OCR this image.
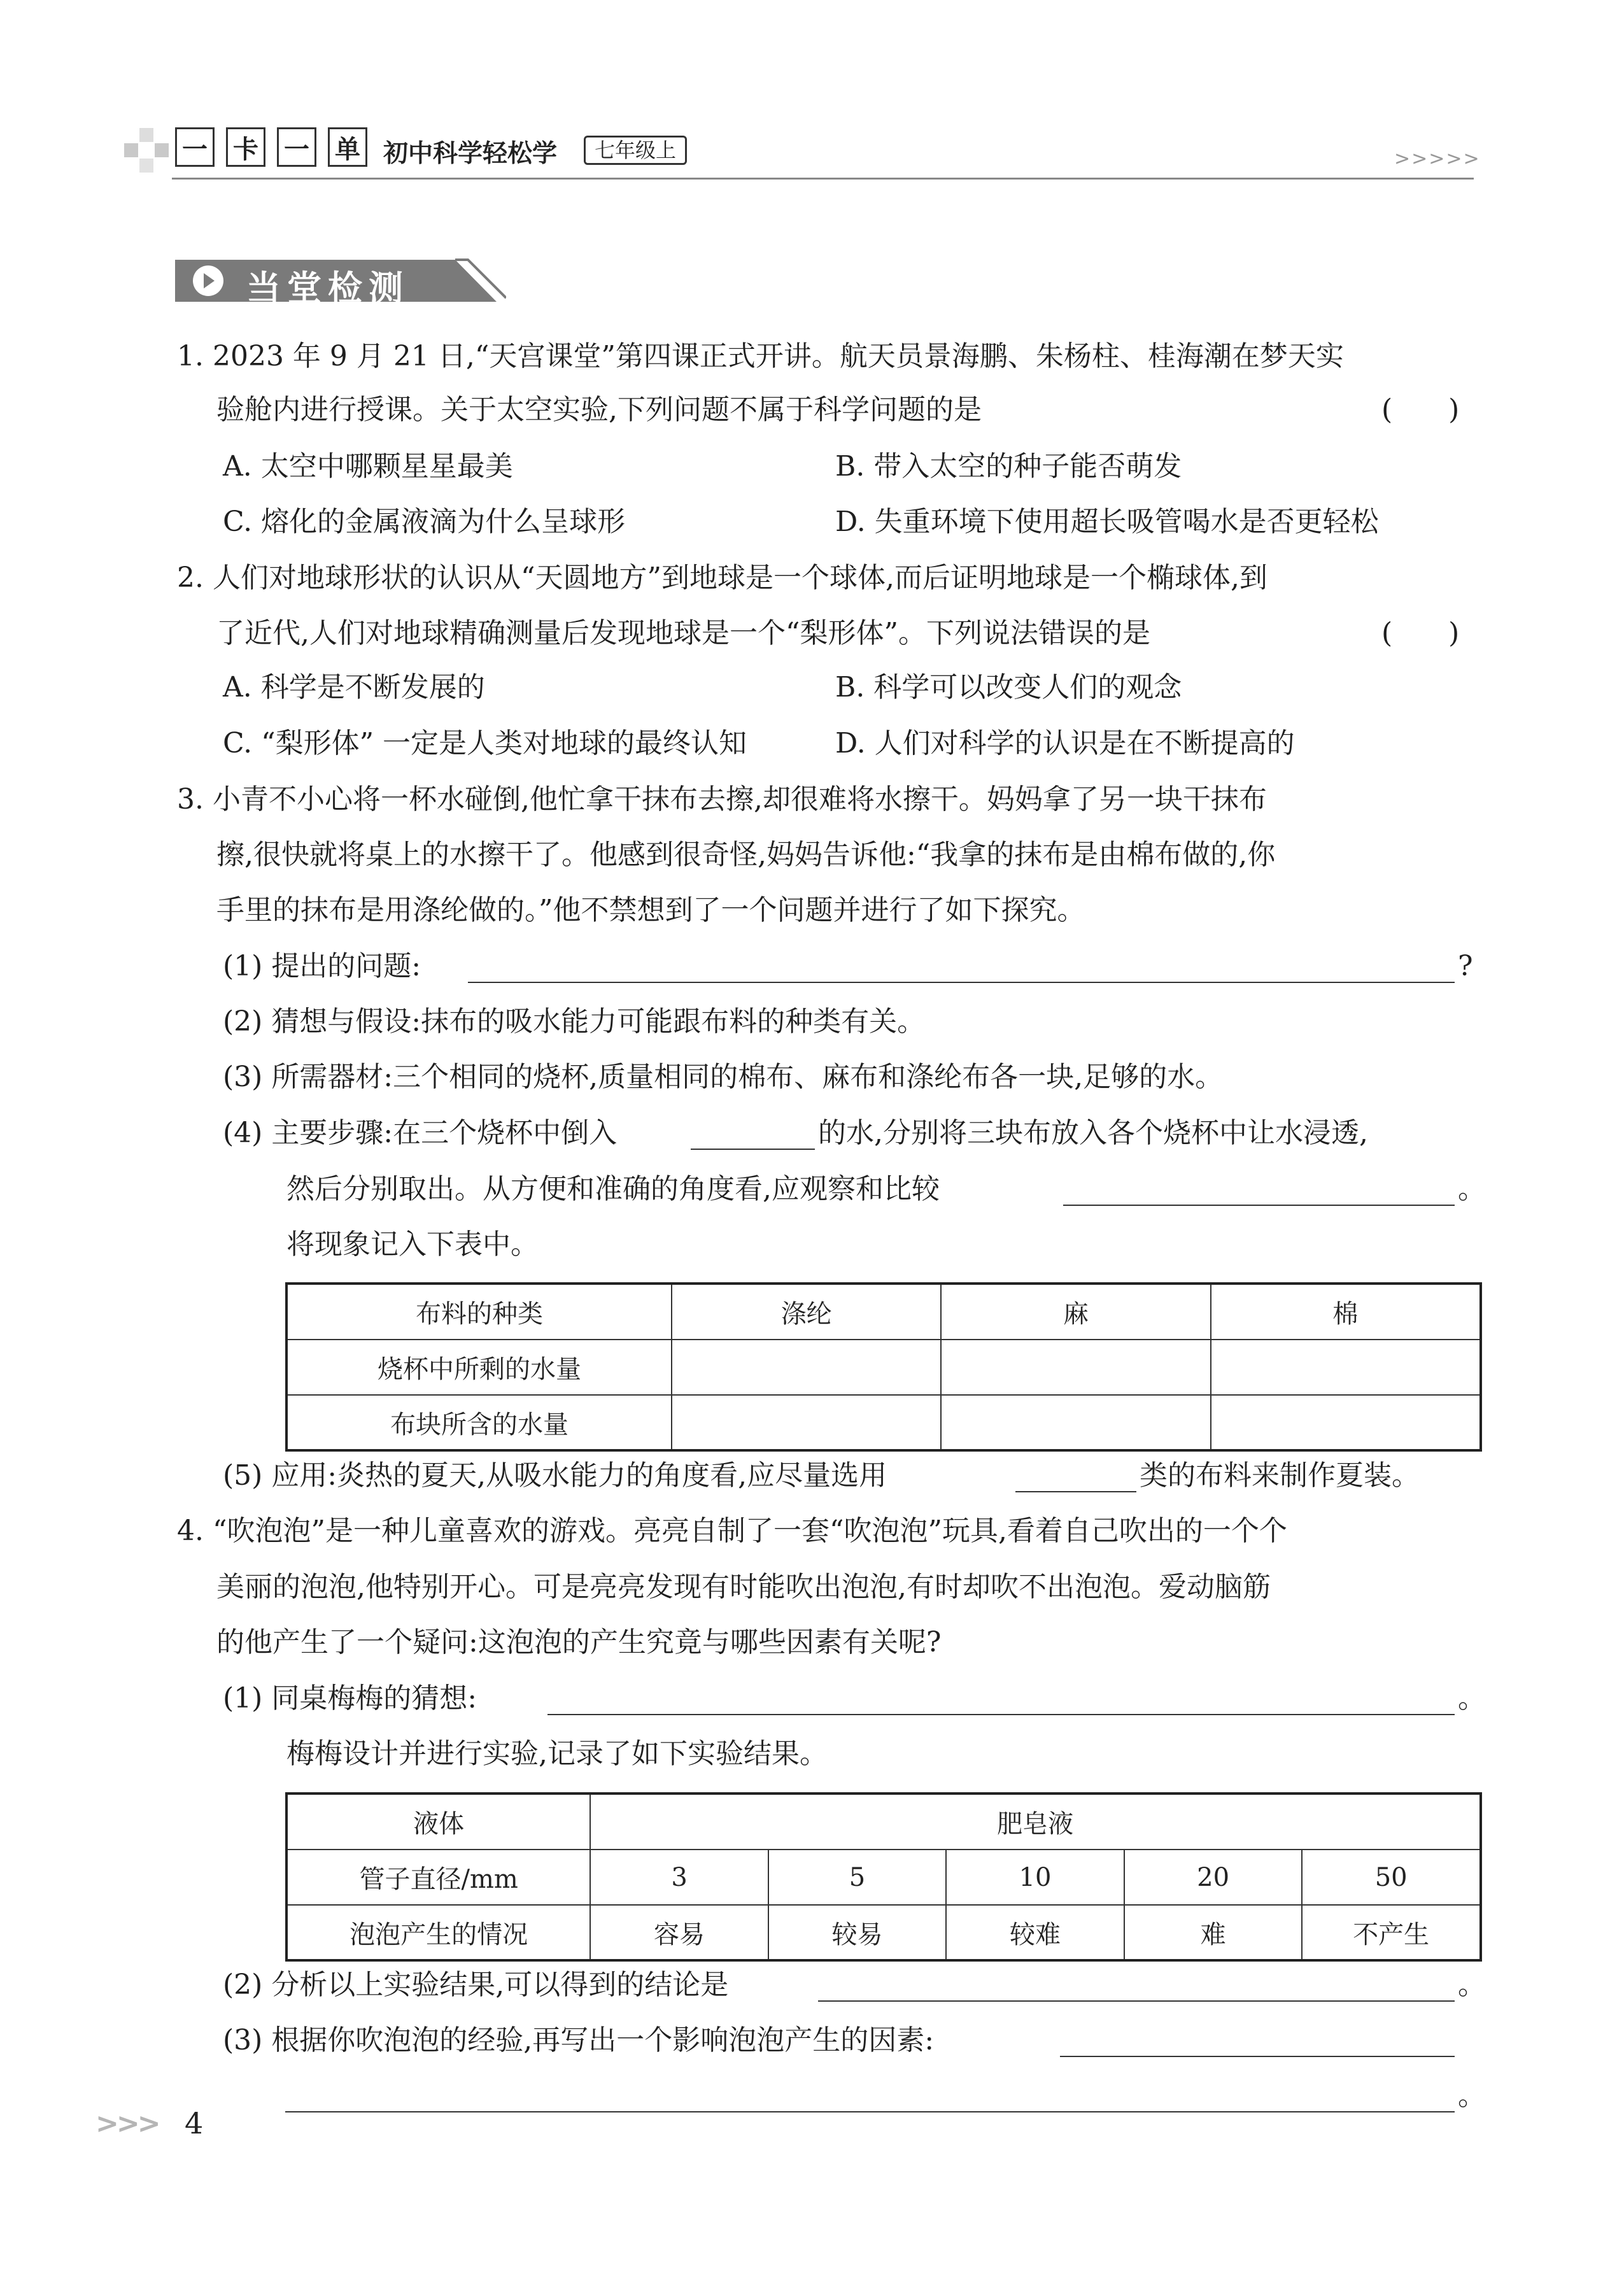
一 卡 一 单 初中科学轻松学	七年级上	>>>>>
当堂检测
1. 2023 年 9 月 21 日,“天宫课堂”第四课正式开讲。航天员景海鹏、朱杨柱、桂海潮在梦天实
验舱内进行授课。关于太空实验,下列问题不属于科学问题的是	(　　)
A. 太空中哪颗星星最美	B. 带入太空的种子能否萌发
C. 熔化的金属液滴为什么呈球形	D. 失重环境下使用超长吸管喝水是否更轻松
2. 人们对地球形状的认识从“天圆地方”到地球是一个球体,而后证明地球是一个椭球体,到
了近代,人们对地球精确测量后发现地球是一个“梨形体”。下列说法错误的是	(　　)
A. 科学是不断发展的	B. 科学可以改变人们的观念
C. “梨形体” 一定是人类对地球的最终认知	D. 人们对科学的认识是在不断提高的
3. 小青不小心将一杯水碰倒,他忙拿干抹布去擦,却很难将水擦干。妈妈拿了另一块干抹布
擦,很快就将桌上的水擦干了。他感到很奇怪,妈妈告诉他:“我拿的抹布是由棉布做的,你
手里的抹布是用涤纶做的。”他不禁想到了一个问题并进行了如下探究。
(1) 提出的问题:	?
(2) 猜想与假设:抹布的吸水能力可能跟布料的种类有关。
(3) 所需器材:三个相同的烧杯,质量相同的棉布、麻布和涤纶布各一块,足够的水。
(4) 主要步骤:在三个烧杯中倒入	的水,分别将三块布放入各个烧杯中让水浸透,
然后分别取出。从方便和准确的角度看,应观察和比较	。
将现象记入下表中。
布料的种类	涤纶	麻	棉
烧杯中所剩的水量			
布块所含的水量			
(5) 应用:炎热的夏天,从吸水能力的角度看,应尽量选用	类的布料来制作夏装。
4. “吹泡泡”是一种儿童喜欢的游戏。亮亮自制了一套“吹泡泡”玩具,看着自己吹出的一个个
美丽的泡泡,他特别开心。可是亮亮发现有时能吹出泡泡,有时却吹不出泡泡。爱动脑筋
的他产生了一个疑问:这泡泡的产生究竟与哪些因素有关呢?
(1) 同桌梅梅的猜想:	。
梅梅设计并进行实验,记录了如下实验结果。
液体	肥皂液				
管子直径/mm	3	5	10	20	50
泡泡产生的情况	容易	较易	较难	难	不产生
(2) 分析以上实验结果,可以得到的结论是	。
(3) 根据你吹泡泡的经验,再写出一个影响泡泡产生的因素:
。
>>> 4
